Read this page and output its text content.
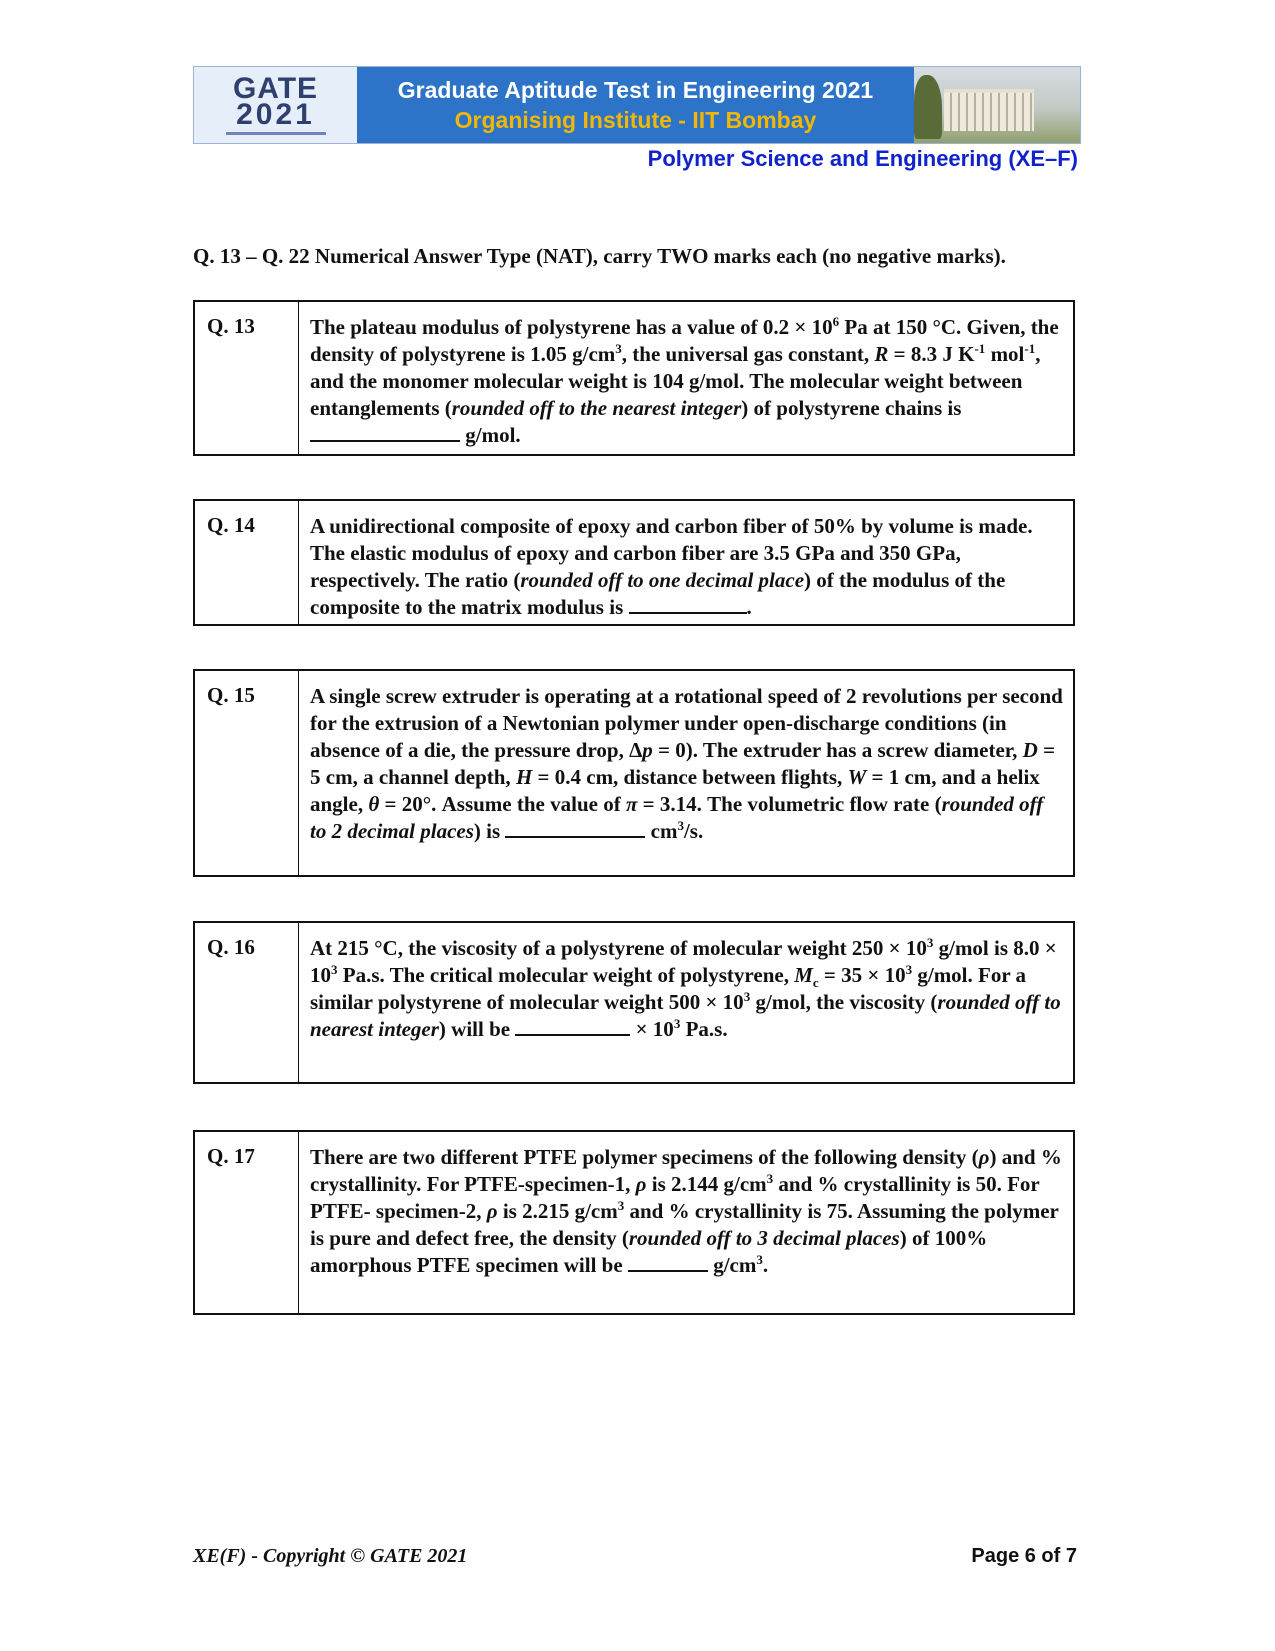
GATE
2021
Graduate Aptitude Test in Engineering 2021
Organising Institute - IIT Bombay
Polymer Science and Engineering (XE–F)
Q. 13 – Q. 22 Numerical Answer Type (NAT), carry TWO marks each (no negative marks).
Q. 13	The plateau modulus of polystyrene has a value of $0.2 \times 10^6$ Pa at 150 °C. Given, the density of polystyrene is 1.05 $g/cm^3$, the universal gas constant, R = 8.3 J $K^{-1}$ mol$^{-1}$, and the monomer molecular weight is 104 g/mol. The molecular weight between entanglements (rounded off to the nearest integer) of polystyrene chains is  g/mol.
Q. 14	A unidirectional composite of epoxy and carbon fiber of 50% by volume is made. The elastic modulus of epoxy and carbon fiber are 3.5 GPa and 350 GPa, respectively. The ratio (rounded off to one decimal place) of the modulus of the composite to the matrix modulus is	.
Q. 15	A single screw extruder is operating at a rotational speed of 2 revolutions per second for the extrusion of a Newtonian polymer under open-discharge conditions (in absence of a die, the pressure drop, Δp = 0). The extruder has a screw diameter, D = 5 cm, a channel depth, H = 0.4 cm, distance between flights, W = 1 cm, and a helix angle, θ = 20°. Assume the value of π = 3.14. The volumetric flow rate (rounded off to 2 decimal places) is	$cm^3/s$.
Q. 16	At 215 °C, the viscosity of a polystyrene of molecular weight $250 \times 10^3$ g/mol is $8.0 \times 10^3$ Pa.s. The critical molecular weight of polystyrene, $M_c = 35 \times 10^3$ g/mol. For a similar polystyrene of molecular weight $500 \times 10^3$ g/mol, the viscosity (rounded off to nearest integer) will be	× $10^3$ Pa.s.
Q. 17	There are two different PTFE polymer specimens of the following density (ρ) and % crystallinity. For PTFE-specimen-1, ρ is 2.144 $g/cm^3$ and % crystallinity is 50. For PTFE- specimen-2, ρ is 2.215 $g/cm^3$ and % crystallinity is 75. Assuming the polymer is pure and defect free, the density (rounded off to 3 decimal places) of 100% amorphous PTFE specimen will be	$g/cm^3$.
XE(F) - Copyright © GATE 2021	Page 6 of 7
